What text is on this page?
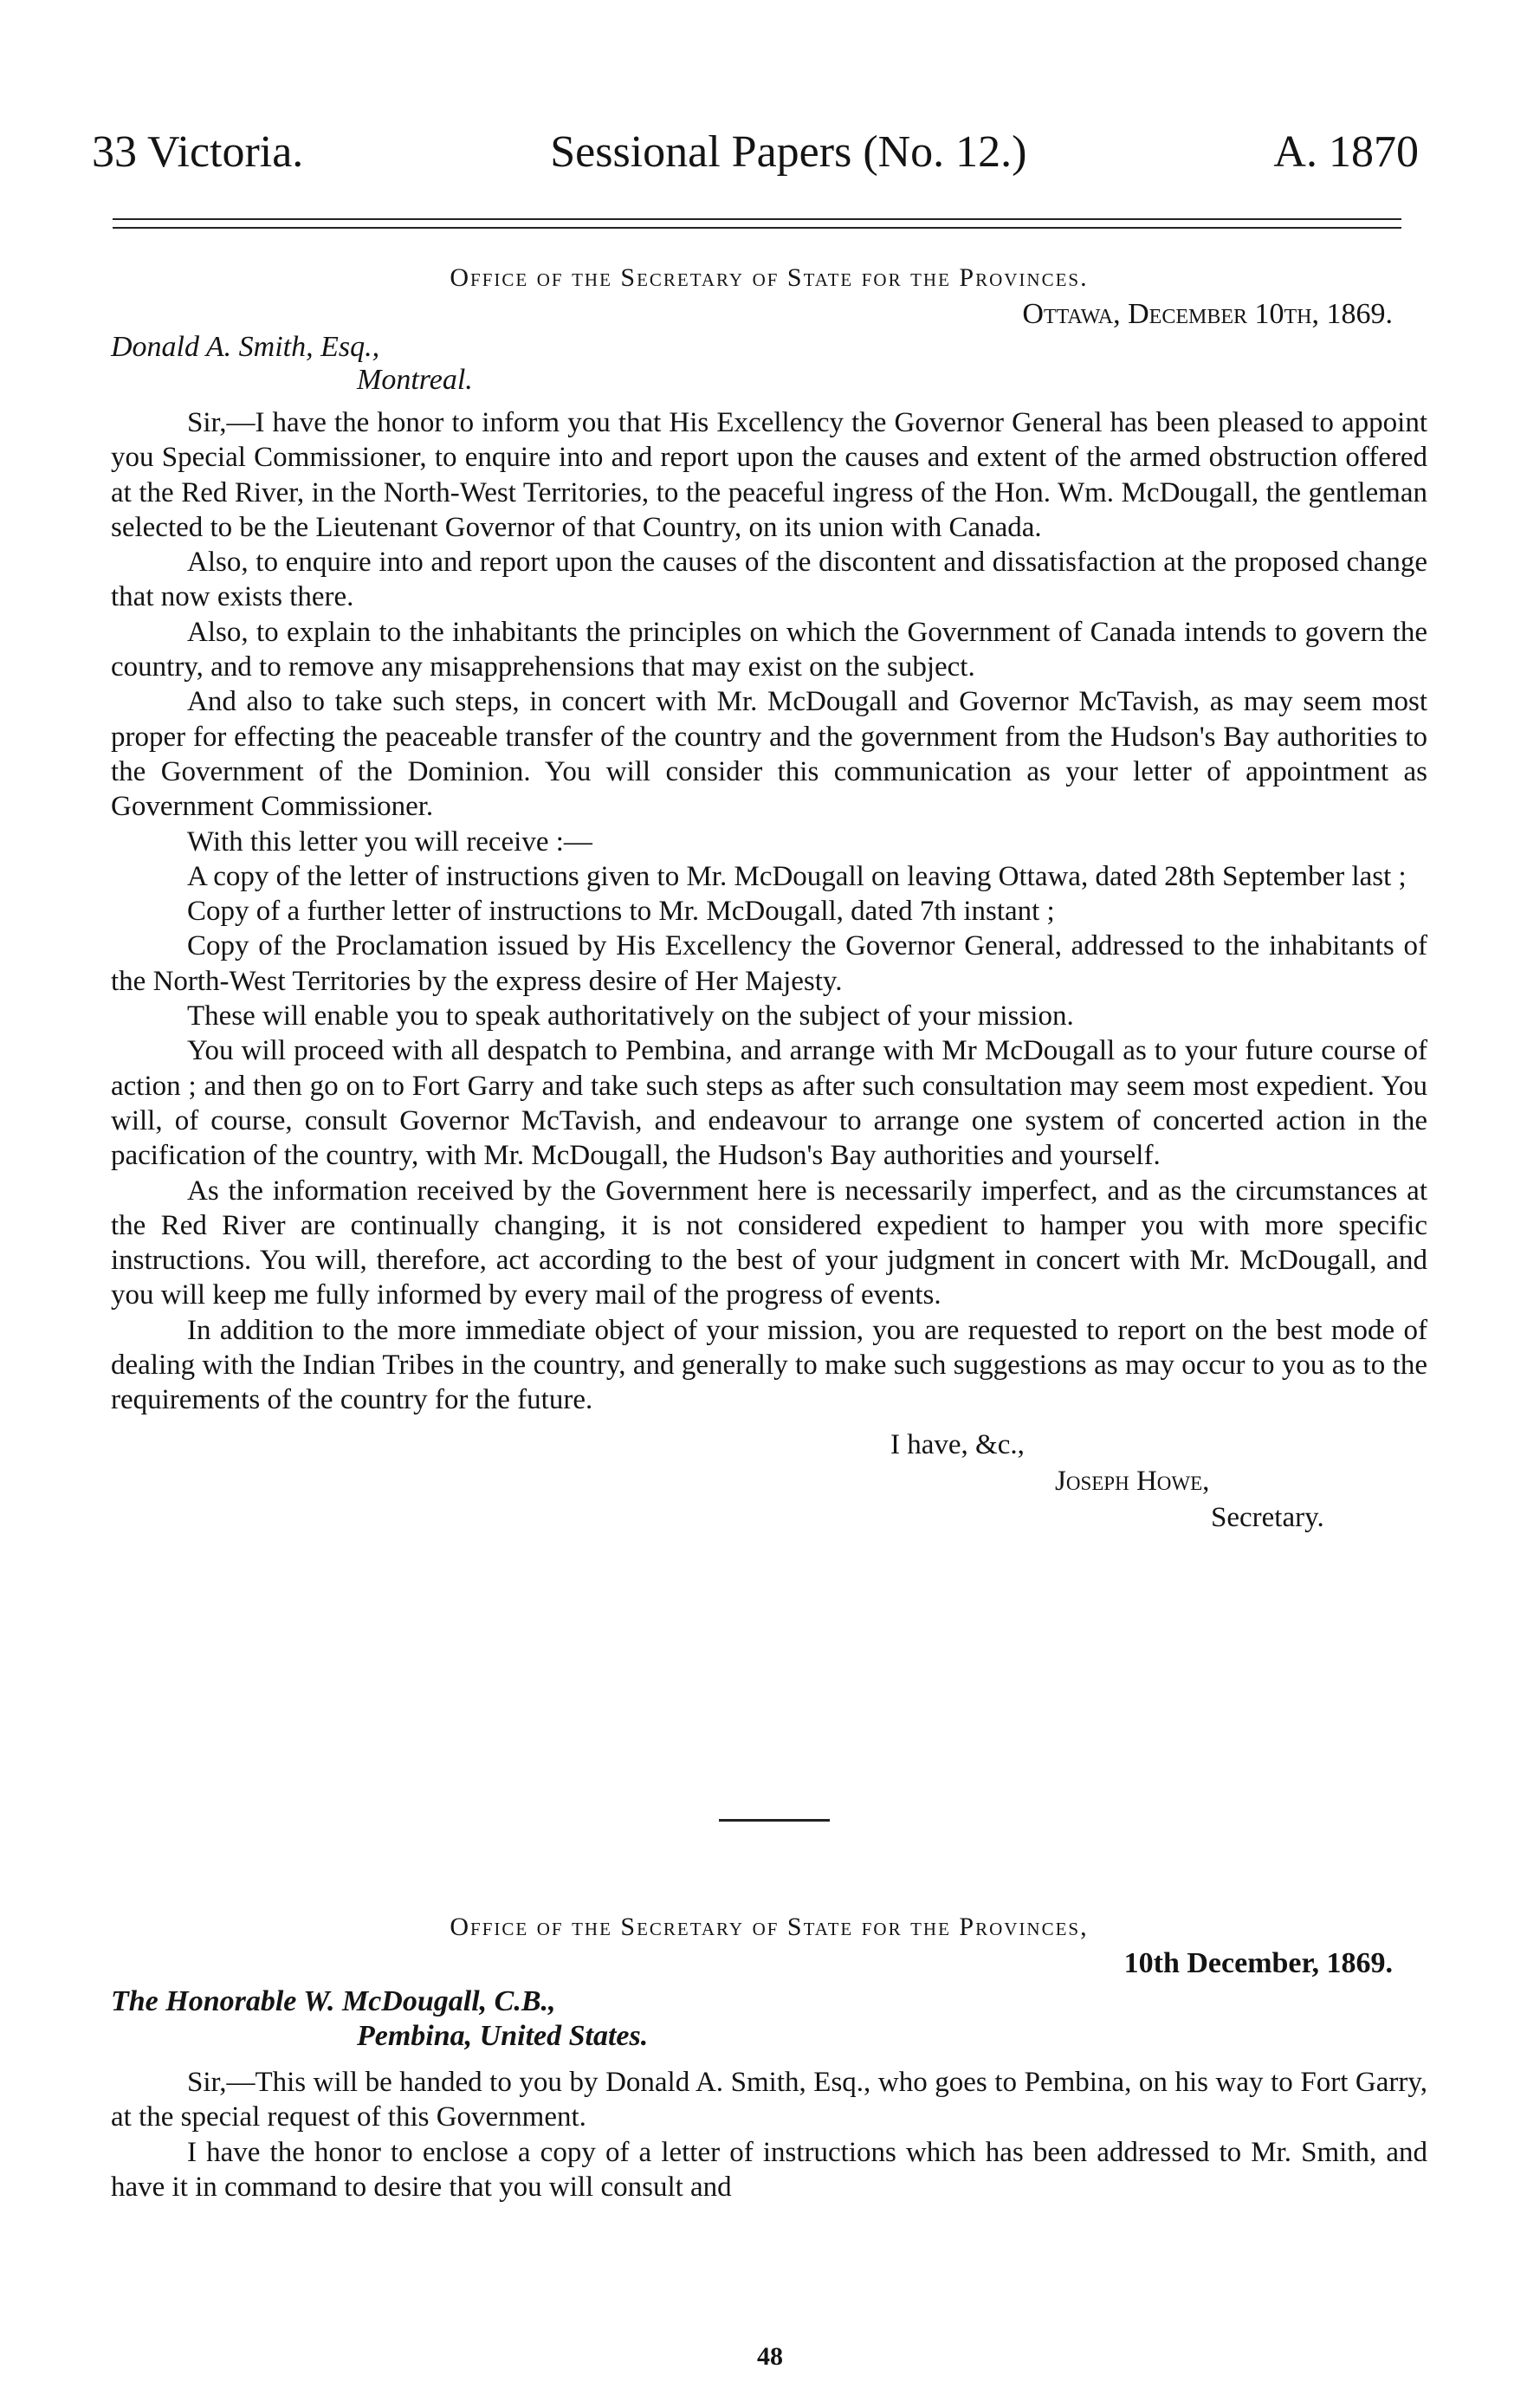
33 Victoria.	Sessional Papers (No. 12.)	A. 1870
Office of the Secretary of State for the Provinces.
Ottawa, December 10th, 1869.
Donald A. Smith, Esq.,
Montreal.

Sir,—I have the honor to inform you that His Excellency the Governor General has been pleased to appoint you Special Commissioner, to enquire into and report upon the causes and extent of the armed obstruction offered at the Red River, in the North-West Territories, to the peaceful ingress of the Hon. Wm. McDougall, the gentleman selected to be the Lieutenant Governor of that Country, on its union with Canada.

Also, to enquire into and report upon the causes of the discontent and dissatisfaction at the proposed change that now exists there.

Also, to explain to the inhabitants the principles on which the Government of Canada intends to govern the country, and to remove any misapprehensions that may exist on the subject.

And also to take such steps, in concert with Mr. McDougall and Governor McTavish, as may seem most proper for effecting the peaceable transfer of the country and the government from the Hudson's Bay authorities to the Government of the Dominion. You will consider this communication as your letter of appointment as Government Commissioner.

With this letter you will receive :—

A copy of the letter of instructions given to Mr. McDougall on leaving Ottawa, dated 28th September last ;

Copy of a further letter of instructions to Mr. McDougall, dated 7th instant ;

Copy of the Proclamation issued by His Excellency the Governor General, addressed to the inhabitants of the North-West Territories by the express desire of Her Majesty.

These will enable you to speak authoritatively on the subject of your mission.

You will proceed with all despatch to Pembina, and arrange with Mr McDougall as to your future course of action ; and then go on to Fort Garry and take such steps as after such consultation may seem most expedient. You will, of course, consult Governor McTavish, and endeavour to arrange one system of concerted action in the pacification of the country, with Mr. McDougall, the Hudson's Bay authorities and yourself.

As the information received by the Government here is necessarily imperfect, and as the circumstances at the Red River are continually changing, it is not considered expedient to hamper you with more specific instructions. You will, therefore, act according to the best of your judgment in concert with Mr. McDougall, and you will keep me fully informed by every mail of the progress of events.

In addition to the more immediate object of your mission, you are requested to report on the best mode of dealing with the Indian Tribes in the country, and generally to make such suggestions as may occur to you as to the requirements of the country for the future.

I have, &c.,
Joseph Howe,
Secretary.
Office of the Secretary of State for the Provinces,
10th December, 1869.
The Honorable W. McDougall, C.B.,
Pembina, United States.

Sir,—This will be handed to you by Donald A. Smith, Esq., who goes to Pembina, on his way to Fort Garry, at the special request of this Government.

I have the honor to enclose a copy of a letter of instructions which has been addressed to Mr. Smith, and have it in command to desire that you will consult and

48
